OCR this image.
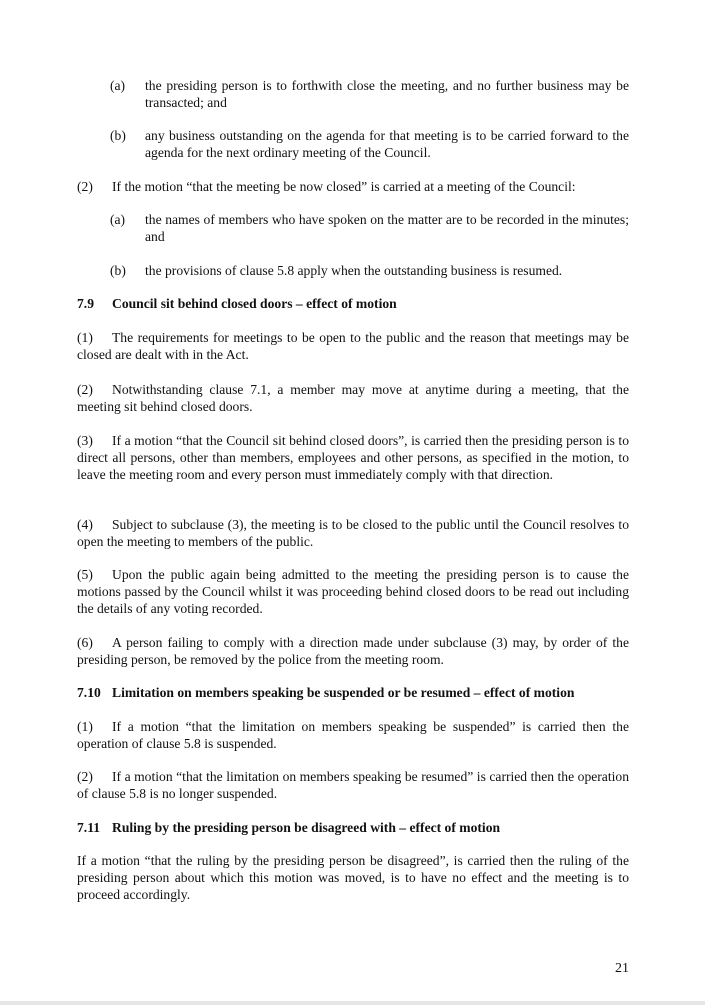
(a) the presiding person is to forthwith close the meeting, and no further business may be transacted; and
(b) any business outstanding on the agenda for that meeting is to be carried forward to the agenda for the next ordinary meeting of the Council.
(2) If the motion “that the meeting be now closed” is carried at a meeting of the Council:
(a) the names of members who have spoken on the matter are to be recorded in the minutes; and
(b) the provisions of clause 5.8 apply when the outstanding business is resumed.
7.9 Council sit behind closed doors – effect of motion
(1) The requirements for meetings to be open to the public and the reason that meetings may be closed are dealt with in the Act.
(2) Notwithstanding clause 7.1, a member may move at anytime during a meeting, that the meeting sit behind closed doors.
(3) If a motion “that the Council sit behind closed doors”, is carried then the presiding person is to direct all persons, other than members, employees and other persons, as specified in the motion, to leave the meeting room and every person must immediately comply with that direction.
(4) Subject to subclause (3), the meeting is to be closed to the public until the Council resolves to open the meeting to members of the public.
(5) Upon the public again being admitted to the meeting the presiding person is to cause the motions passed by the Council whilst it was proceeding behind closed doors to be read out including the details of any voting recorded.
(6) A person failing to comply with a direction made under subclause (3) may, by order of the presiding person, be removed by the police from the meeting room.
7.10 Limitation on members speaking be suspended or be resumed – effect of motion
(1) If a motion “that the limitation on members speaking be suspended” is carried then the operation of clause 5.8 is suspended.
(2) If a motion “that the limitation on members speaking be resumed” is carried then the operation of clause 5.8 is no longer suspended.
7.11 Ruling by the presiding person be disagreed with – effect of motion
If a motion “that the ruling by the presiding person be disagreed”, is carried then the ruling of the presiding person about which this motion was moved, is to have no effect and the meeting is to proceed accordingly.
21
